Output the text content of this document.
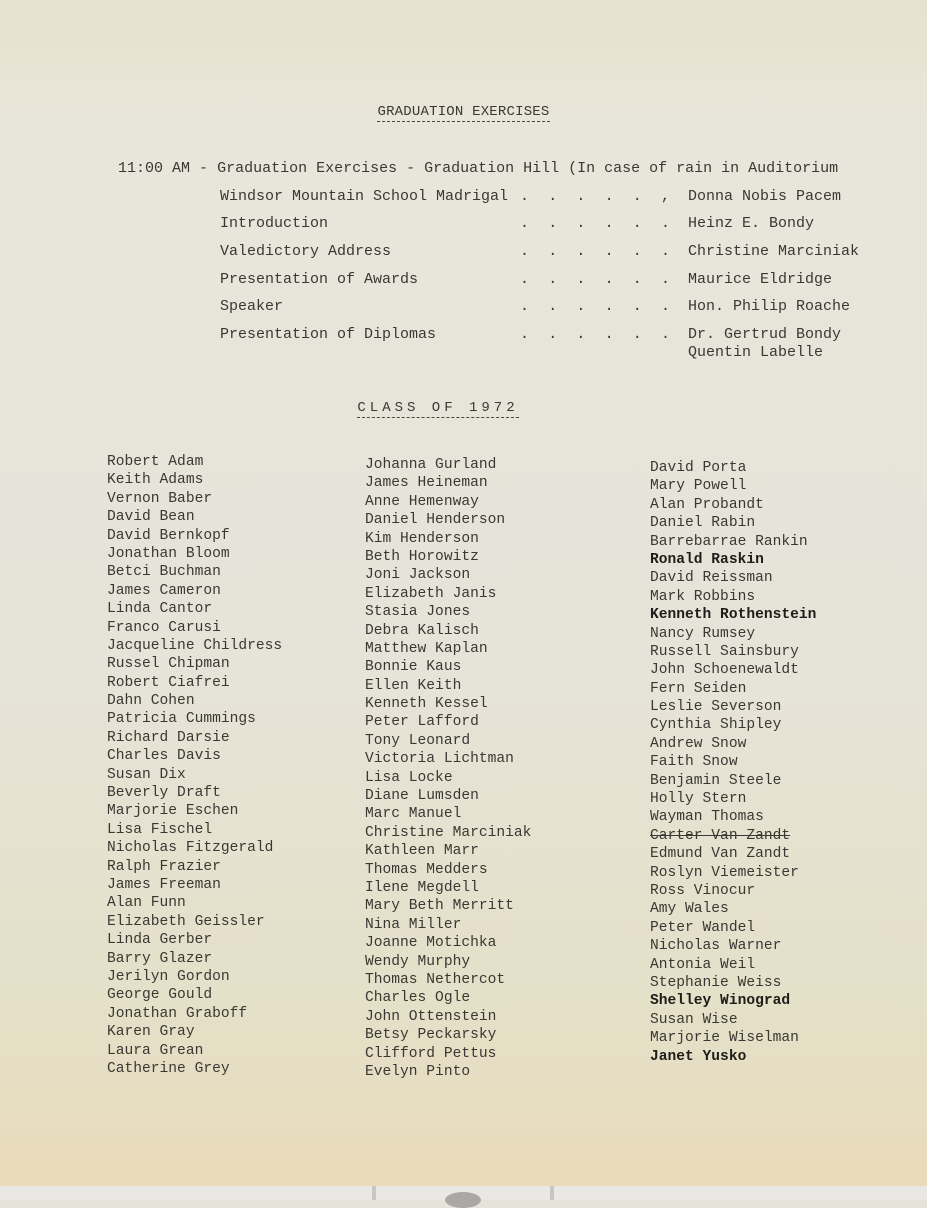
GRADUATION EXERCISES
11:00 AM - Graduation Exercises - Graduation Hill (In case of rain in Auditorium
Windsor Mountain School Madrigal . . . . . , Donna Nobis Pacem
Introduction	. . . . . . Heinz E. Bondy
Valedictory Address	. . . . . . Christine Marciniak
Presentation of Awards	. . . . . . Maurice Eldridge
Speaker	. . . . . . Hon. Philip Roache
Presentation of Diplomas	. . . . . . Dr. Gertrud Bondy
Quentin Labelle
CLASS OF 1972
Robert Adam
Keith Adams
Vernon Baber
David Bean
David Bernkopf
Jonathan Bloom
Betci Buchman
James Cameron
Linda Cantor
Franco Carusi
Jacqueline Childress
Russel Chipman
Robert Ciafrei
Dahn Cohen
Patricia Cummings
Richard Darsie
Charles Davis
Susan Dix
Beverly Draft
Marjorie Eschen
Lisa Fischel
Nicholas Fitzgerald
Ralph Frazier
James Freeman
Alan Funn
Elizabeth Geissler
Linda Gerber
Barry Glazer
Jerilyn Gordon
George Gould
Jonathan Graboff
Karen Gray
Laura Grean
Catherine Grey
Johanna Gurland
James Heineman
Anne Hemenway
Daniel Henderson
Kim Henderson
Beth Horowitz
Joni Jackson
Elizabeth Janis
Stasia Jones
Debra Kalisch
Matthew Kaplan
Bonnie Kaus
Ellen Keith
Kenneth Kessel
Peter Lafford
Tony Leonard
Victoria Lichtman
Lisa Locke
Diane Lumsden
Marc Manuel
Christine Marciniak
Kathleen Marr
Thomas Medders
Ilene Megdell
Mary Beth Merritt
Nina Miller
Joanne Motichka
Wendy Murphy
Thomas Nethercot
Charles Ogle
John Ottenstein
Betsy Peckarsky
Clifford Pettus
Evelyn Pinto
David Porta
Mary Powell
Alan Probandt
Daniel Rabin
Barrebarrae Rankin
Ronald Raskin
David Reissman
Mark Robbins
Kenneth Rothenstein
Nancy Rumsey
Russell Sainsbury
John Schoenewaldt
Fern Seiden
Leslie Severson
Cynthia Shipley
Andrew Snow
Faith Snow
Benjamin Steele
Holly Stern
Wayman Thomas
Carter Van Zandt
Edmund Van Zandt
Roslyn Viemeister
Ross Vinocur
Amy Wales
Peter Wandel
Nicholas Warner
Antonia Weil
Stephanie Weiss
Shelley Winograd
Susan Wise
Marjorie Wiselman
Janet Yusko
